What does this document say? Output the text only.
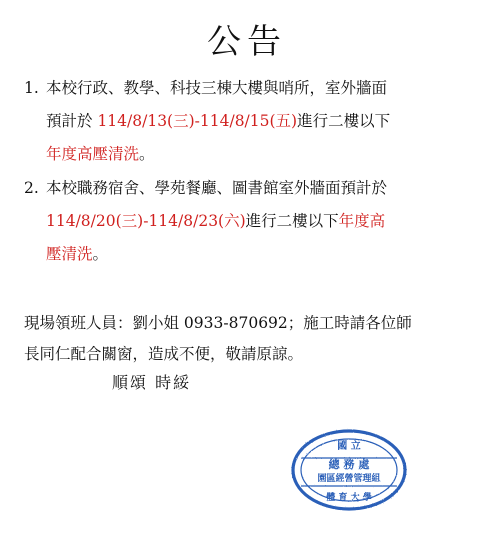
公告
1. 本校行政、教學、科技三棟大樓與哨所，室外牆面
預計於 114/8/13(三)-114/8/15(五)進行二樓以下
年度高壓清洗。
2. 本校職務宿舍、學苑餐廳、圖書館室外牆面預計於
114/8/20(三)-114/8/23(六)進行二樓以下年度高
壓清洗。
現場領班人員：劉小姐 0933-870692；施工時請各位師
長同仁配合關窗，造成不便，敬請原諒。
順頌 時綏
國 立
總 務 處
園區經營管理組
體 育 大 學
